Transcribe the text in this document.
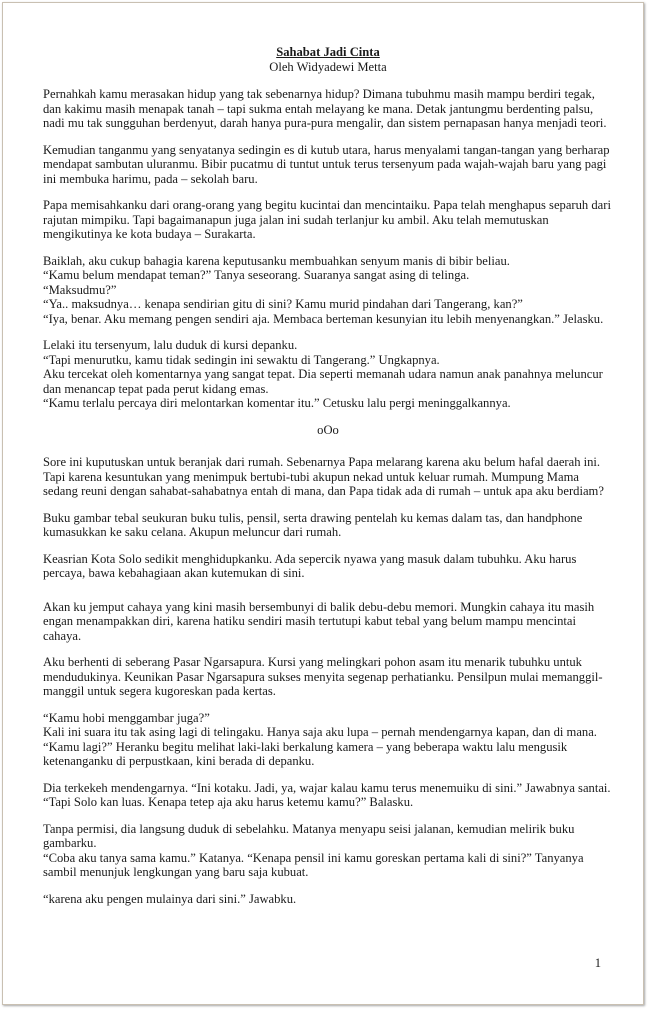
Sahabat Jadi Cinta

Oleh Widyadewi Metta

Pernahkah kamu merasakan hidup yang tak sebenarnya hidup? Dimana tubuhmu masih mampu berdiri tegak, dan kakimu masih menapak tanah – tapi sukma entah melayang ke mana. Detak jantungmu berdenting palsu, nadi mu tak sungguhan berdenyut, darah hanya pura-pura mengalir, dan sistem pernapasan hanya menjadi teori.
Kemudian tanganmu yang senyatanya sedingin es di kutub utara, harus menyalami tangan-tangan yang berharap mendapat sambutan uluranmu. Bibir pucatmu di tuntut untuk terus tersenyum pada wajah-wajah baru yang pagi ini membuka harimu, pada – sekolah baru.
Papa memisahkanku dari orang-orang yang begitu kucintai dan mencintaiku. Papa telah menghapus separuh dari rajutan mimpiku. Tapi bagaimanapun juga jalan ini sudah terlanjur ku ambil. Aku telah memutuskan mengikutinya ke kota budaya – Surakarta.
Baiklah, aku cukup bahagia karena keputusanku membuahkan senyum manis di bibir beliau.
“Kamu belum mendapat teman?” Tanya seseorang. Suaranya sangat asing di telinga.
“Maksudmu?”
“Ya.. maksudnya… kenapa sendirian gitu di sini? Kamu murid pindahan dari Tangerang, kan?”
“Iya, benar. Aku memang pengen sendiri aja. Membaca berteman kesunyian itu lebih menyenangkan.” Jelasku.
Lelaki itu tersenyum, lalu duduk di kursi depanku.
“Tapi menurutku, kamu tidak sedingin ini sewaktu di Tangerang.” Ungkapnya.
Aku tercekat oleh komentarnya yang sangat tepat. Dia seperti memanah udara namun anak panahnya meluncur dan menancap tepat pada perut kidang emas.
“Kamu terlalu percaya diri melontarkan komentar itu.” Cetusku lalu pergi meninggalkannya.

oOo

Sore ini kuputuskan untuk beranjak dari rumah. Sebenarnya Papa melarang karena aku belum hafal daerah ini. Tapi karena kesuntukan yang menimpuk bertubi-tubi akupun nekad untuk keluar rumah. Mumpung Mama sedang reuni dengan sahabat-sahabatnya entah di mana, dan Papa tidak ada di rumah – untuk apa aku berdiam?
Buku gambar tebal seukuran buku tulis, pensil, serta drawing pentelah ku kemas dalam tas, dan handphone kumasukkan ke saku celana. Akupun meluncur dari rumah.
Keasrian Kota Solo sedikit menghidupkanku. Ada sepercik nyawa yang masuk dalam tubuhku. Aku harus percaya, bawa kebahagiaan akan kutemukan di sini.
Akan ku jemput cahaya yang kini masih bersembunyi di balik debu-debu memori. Mungkin cahaya itu masih engan menampakkan diri, karena hatiku sendiri masih tertutupi kabut tebal yang belum mampu mencintai cahaya.
Aku berhenti di seberang Pasar Ngarsapura. Kursi yang melingkari pohon asam itu menarik tubuhku untuk mendudukinya. Keunikan Pasar Ngarsapura sukses menyita segenap perhatianku. Pensilpun mulai memanggil-manggil untuk segera kugoreskan pada kertas.
“Kamu hobi menggambar juga?”
Kali ini suara itu tak asing lagi di telingaku. Hanya saja aku lupa – pernah mendengarnya kapan, dan di mana.
“Kamu lagi?” Heranku begitu melihat laki-laki berkalung kamera – yang beberapa waktu lalu mengusik ketenanganku di perpustkaan, kini berada di depanku.
Dia terkekeh mendengarnya. “Ini kotaku. Jadi, ya, wajar kalau kamu terus menemuiku di sini.” Jawabnya santai.
“Tapi Solo kan luas. Kenapa tetep aja aku harus ketemu kamu?” Balasku.
Tanpa permisi, dia langsung duduk di sebelahku. Matanya menyapu seisi jalanan, kemudian melirik buku gambarku.
“Coba aku tanya sama kamu.” Katanya. “Kenapa pensil ini kamu goreskan pertama kali di sini?” Tanyanya sambil menunjuk lengkungan yang baru saja kubuat.
“karena aku pengen mulainya dari sini.” Jawabku.
1
